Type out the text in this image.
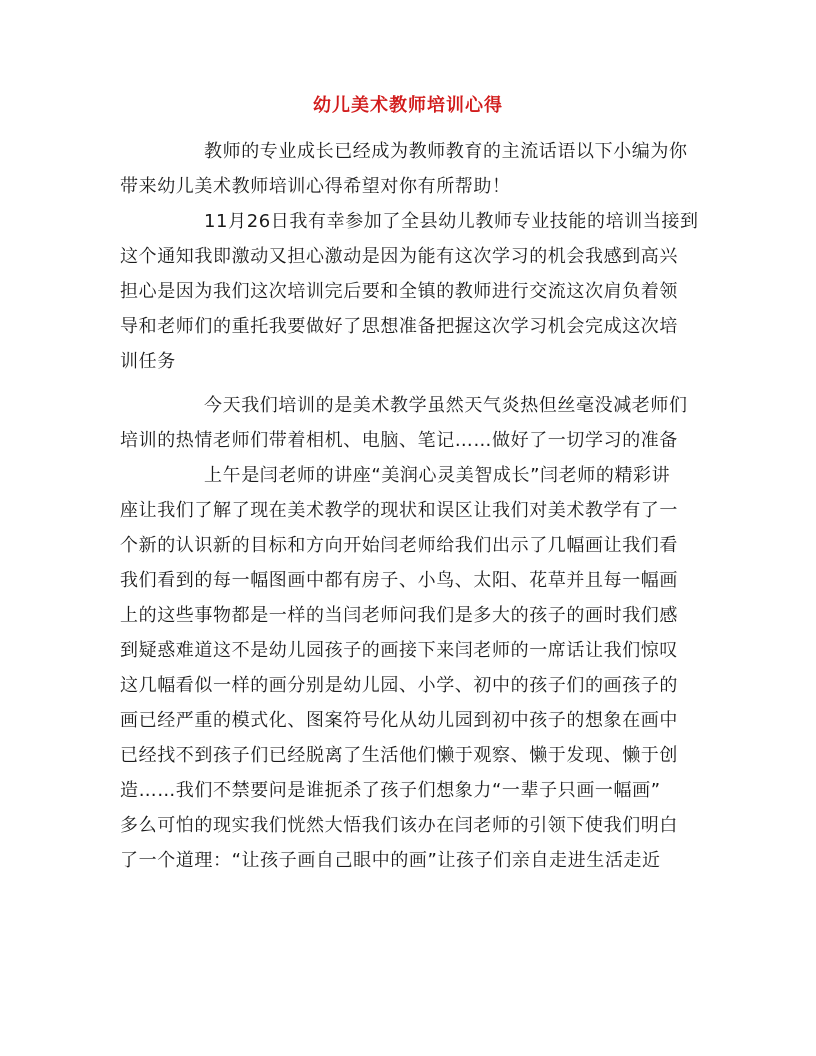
幼儿美术教师培训心得
教师的专业成长已经成为教师教育的主流话语以下小编为你
带来幼儿美术教师培训心得希望对你有所帮助！
11月26日我有幸参加了全县幼儿教师专业技能的培训当接到
这个通知我即激动又担心激动是因为能有这次学习的机会我感到高兴
担心是因为我们这次培训完后要和全镇的教师进行交流这次肩负着领
导和老师们的重托我要做好了思想准备把握这次学习机会完成这次培
训任务
今天我们培训的是美术教学虽然天气炎热但丝毫没减老师们
培训的热情老师们带着相机、电脑、笔记……做好了一切学习的准备
上午是闫老师的讲座“美润心灵美智成长”闫老师的精彩讲
座让我们了解了现在美术教学的现状和误区让我们对美术教学有了一
个新的认识新的目标和方向开始闫老师给我们出示了几幅画让我们看
我们看到的每一幅图画中都有房子、小鸟、太阳、花草并且每一幅画
上的这些事物都是一样的当闫老师问我们是多大的孩子的画时我们感
到疑惑难道这不是幼儿园孩子的画接下来闫老师的一席话让我们惊叹
这几幅看似一样的画分别是幼儿园、小学、初中的孩子们的画孩子的
画已经严重的模式化、图案符号化从幼儿园到初中孩子的想象在画中
已经找不到孩子们已经脱离了生活他们懒于观察、懒于发现、懒于创
造……我们不禁要问是谁扼杀了孩子们想象力“一辈子只画一幅画”
多么可怕的现实我们恍然大悟我们该办在闫老师的引领下使我们明白
了一个道理：“让孩子画自己眼中的画”让孩子们亲自走进生活走近
